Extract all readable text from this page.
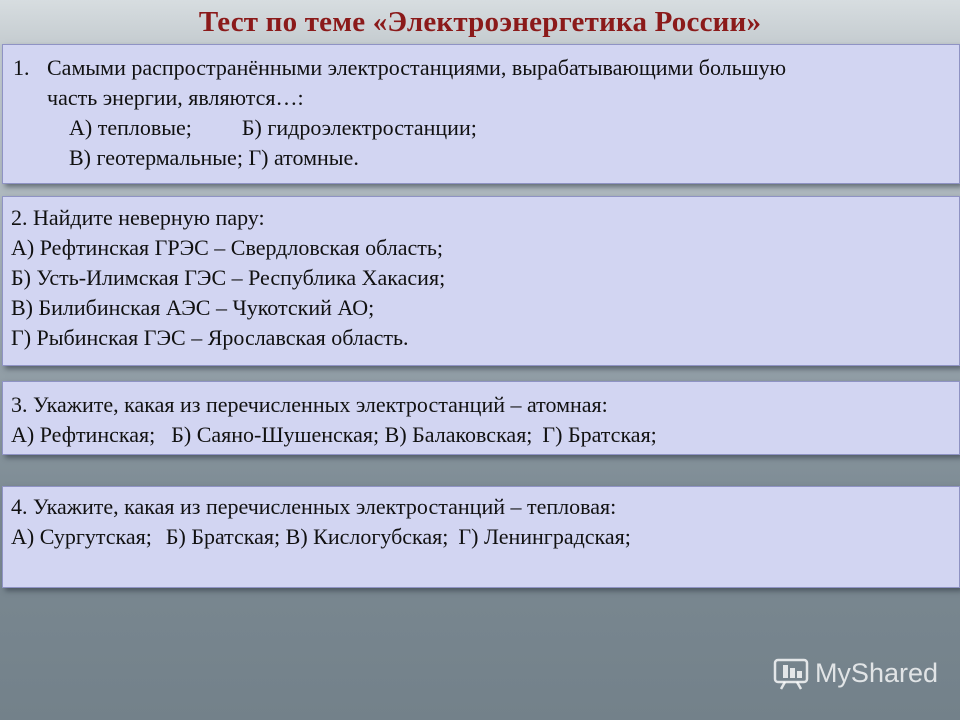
Тест по теме «Электроэнергетика России»
1. Самыми распространёнными электростанциями, вырабатывающими большую
часть энергии, являются…:
А) тепловые; Б) гидроэлектростанции;
В) геотермальные; Г) атомные.
2. Найдите неверную пару:
А) Рефтинская ГРЭС – Свердловская область;
Б) Усть-Илимская ГЭС – Республика Хакасия;
В) Билибинская АЭС – Чукотский АО;
Г) Рыбинская ГЭС – Ярославская область.
3. Укажите, какая из перечисленных электростанций – атомная:
А) Рефтинская; Б) Саяно-Шушенская; В) Балаковская; Г) Братская;
4. Укажите, какая из перечисленных электростанций – тепловая:
А) Сургутская; Б) Братская; В) Кислогубская; Г) Ленинградская;
MyShared
